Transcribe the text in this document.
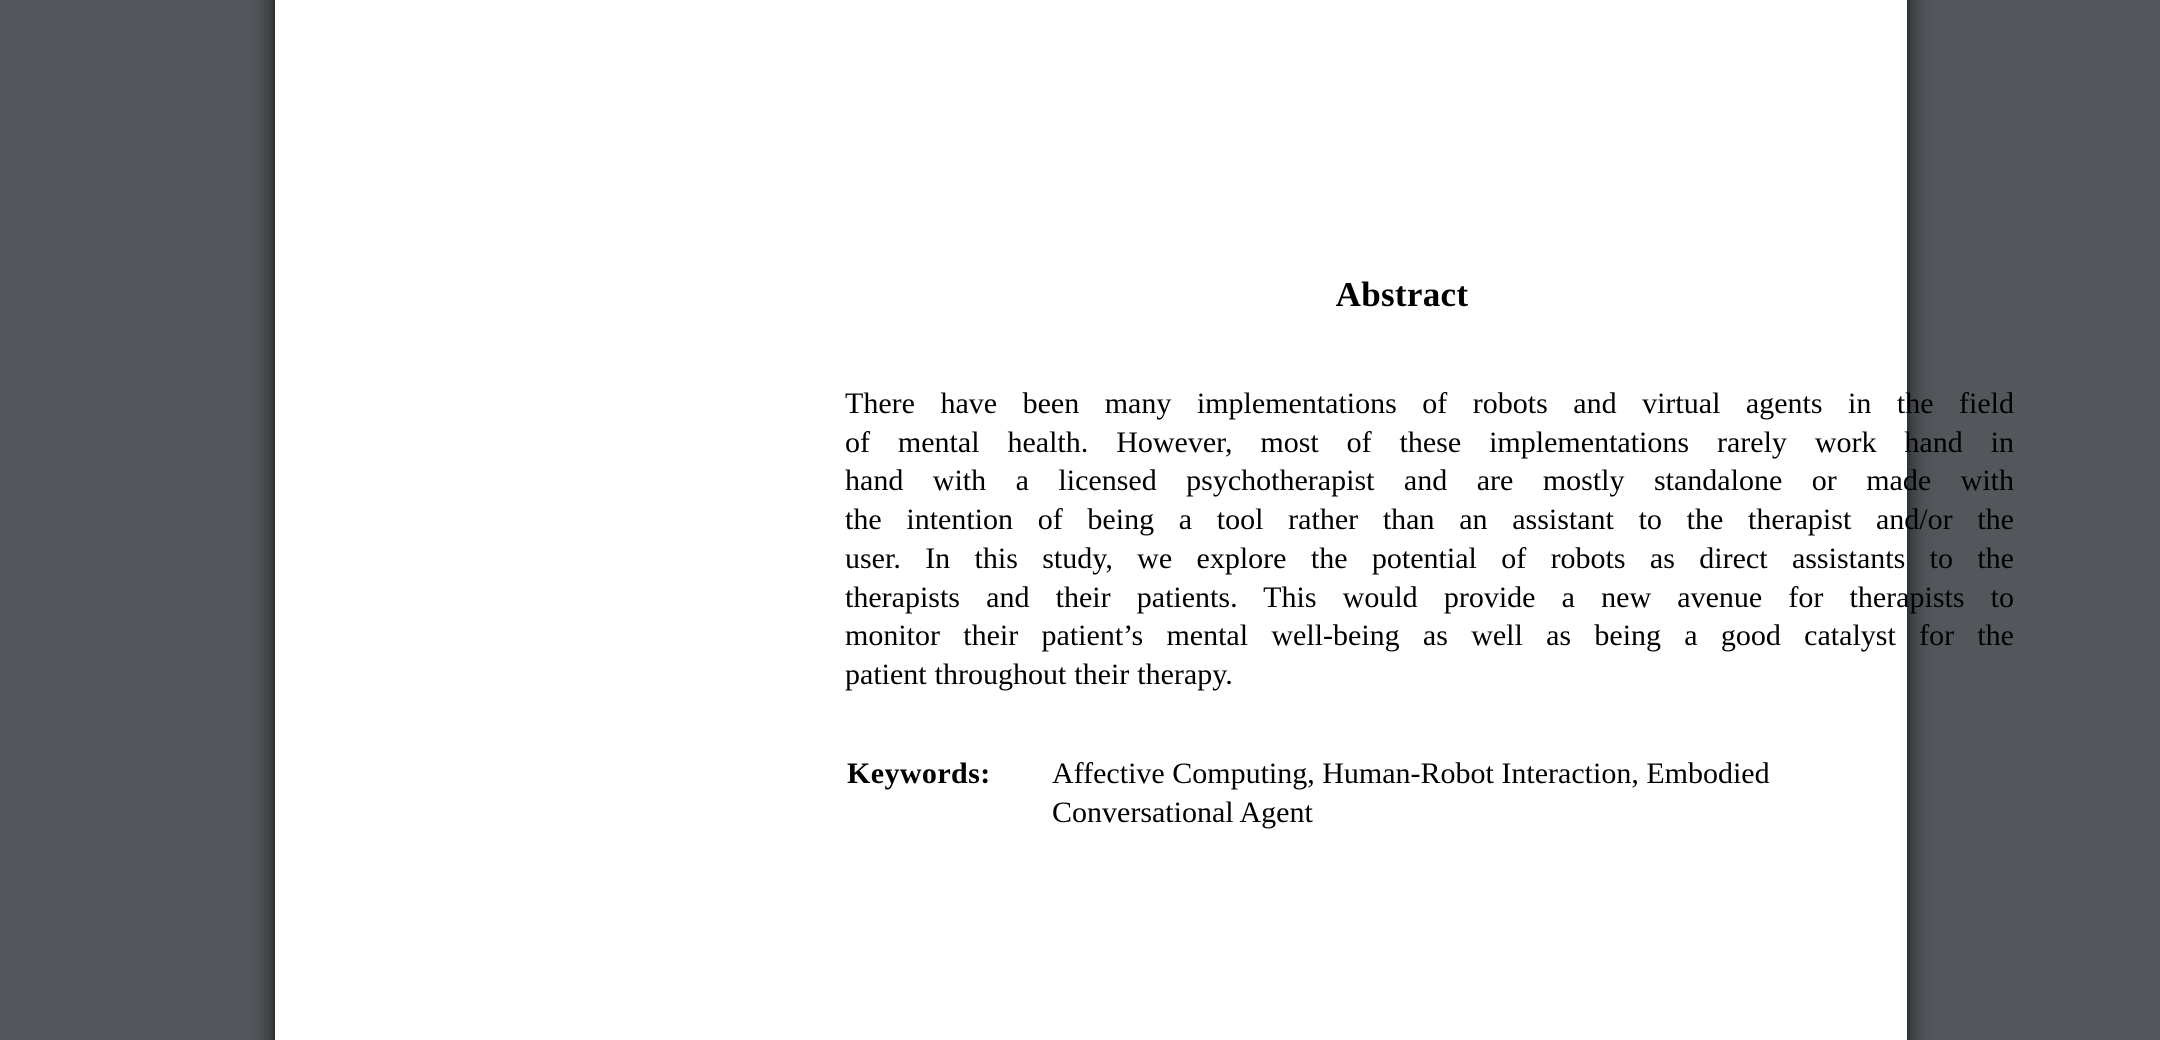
Abstract
There have been many implementations of robots and virtual agents in the field
of mental health. However, most of these implementations rarely work hand in
hand with a licensed psychotherapist and are mostly standalone or made with
the intention of being a tool rather than an assistant to the therapist and/or the
user. In this study, we explore the potential of robots as direct assistants to the
therapists and their patients. This would provide a new avenue for therapists to
monitor their patient’s mental well-being as well as being a good catalyst for the
patient throughout their therapy.
Keywords: Affective Computing, Human-Robot Interaction, Embodied
Conversational Agent
